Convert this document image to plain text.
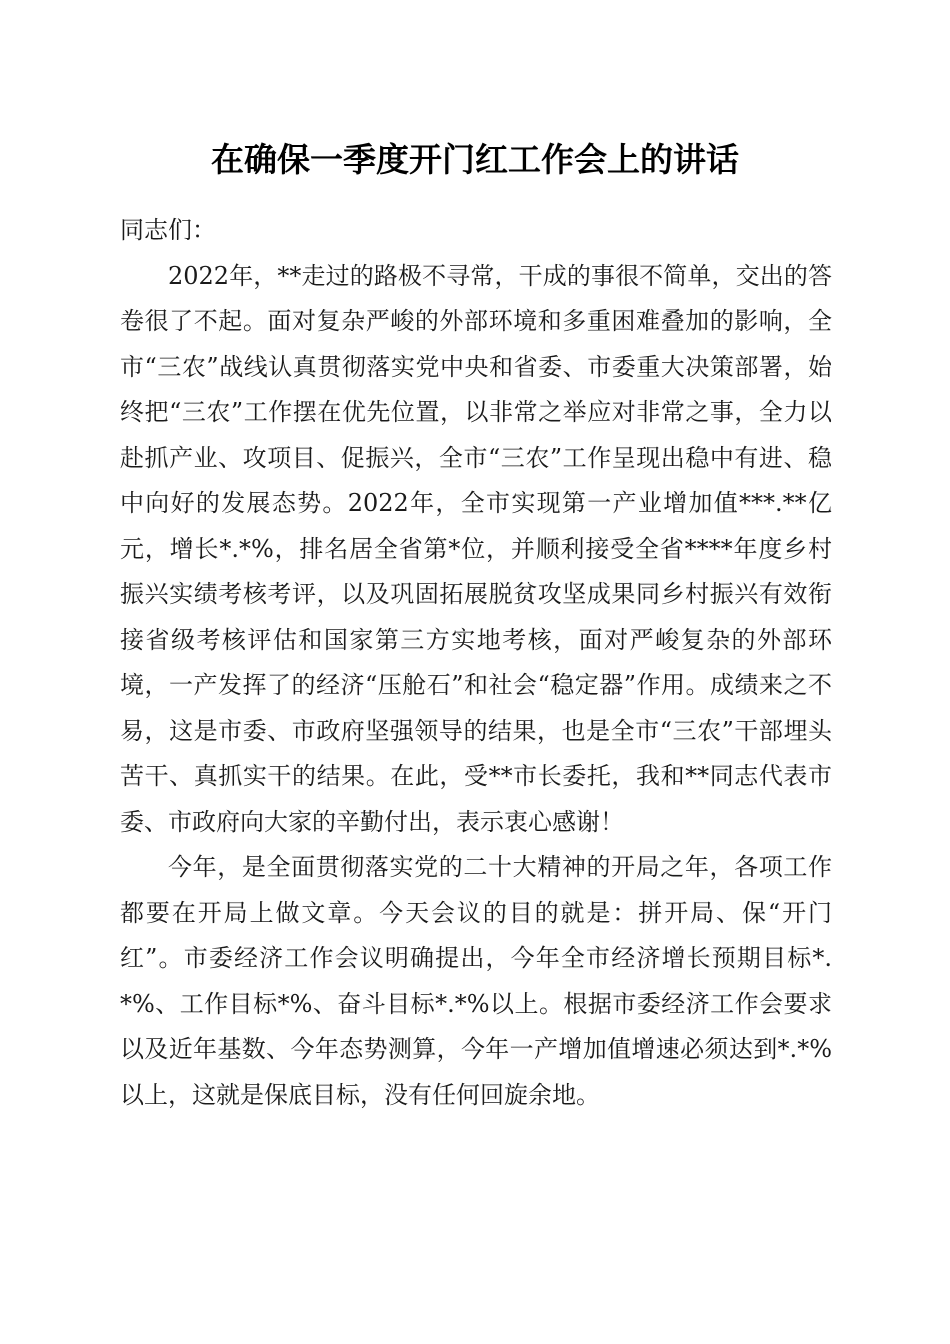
在确保一季度开门红工作会上的讲话

同志们：

2022年，**走过的路极不寻常，干成的事很不简单，交出的答卷很了不起。面对复杂严峻的外部环境和多重困难叠加的影响，全市“三农”战线认真贯彻落实党中央和省委、市委重大决策部署，始终把“三农”工作摆在优先位置，以非常之举应对非常之事，全力以赴抓产业、攻项目、促振兴，全市“三农”工作呈现出稳中有进、稳中向好的发展态势。2022年，全市实现第一产业增加值***.**亿元，增长*.*%，排名居全省第*位，并顺利接受全省****年度乡村振兴实绩考核考评，以及巩固拓展脱贫攻坚成果同乡村振兴有效衔接省级考核评估和国家第三方实地考核，面对严峻复杂的外部环境，一产发挥了的经济“压舱石”和社会“稳定器”作用。成绩来之不易，这是市委、市政府坚强领导的结果，也是全市“三农”干部埋头苦干、真抓实干的结果。在此，受**市长委托，我和**同志代表市委、市政府向大家的辛勤付出，表示衷心感谢！

今年，是全面贯彻落实党的二十大精神的开局之年，各项工作都要在开局上做文章。今天会议的目的就是：拼开局、保“开门红”。市委经济工作会议明确提出，今年全市经济增长预期目标*.*%、工作目标*%、奋斗目标*.*%以上。根据市委经济工作会要求以及近年基数、今年态势测算，今年一产增加值增速必须达到*.*%以上，这就是保底目标，没有任何回旋余地。
